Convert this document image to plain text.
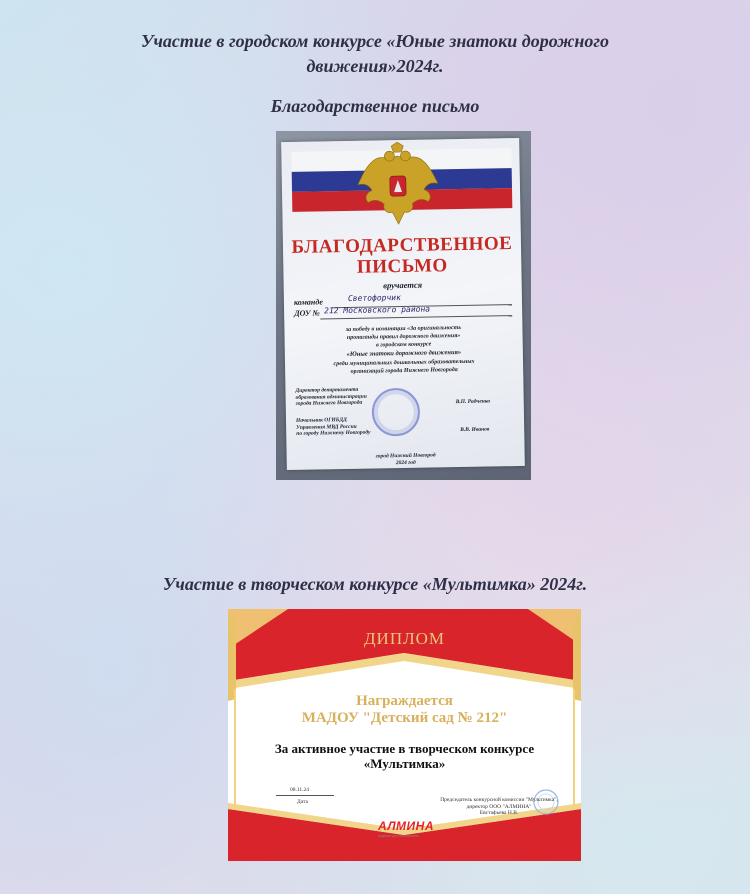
Участие в городском конкурсе «Юные знатоки дорожного
движения»2024г.
Благодарственное письмо
БЛАГОДАРСТВЕННОЕ
ПИСЬМО
вручается
команде	Светофорчик
ДОУ № 212 Московского района
за победу в номинации «За оригинальность
пропаганды правил дорожного движения»
в городском конкурсе
«Юные знатоки дорожного движения»
среди муниципальных дошкольных образовательных
организаций города Нижнего Новгорода
Директор департамента
образования администрации
города Нижнего Новгорода	В.П. Радченко
Начальник ОГИБДД
Управления МВД России
по городу Нижнему Новгороду	В.В. Иванов
город Нижний Новгород
2024 год
Участие в творческом конкурсе «Мультимка» 2024г.
ДИПЛОМ
Награждается
МАДОУ "Детский сад № 212"
За активное участие в творческом конкурсе
«Мультимка»
08.11.24
Дата	Председатель конкурсной комиссии "Мультимка",
директор ООО "АЛМИНА"
Евстафьева Н.В.
АЛМИНА
издания для школьников
